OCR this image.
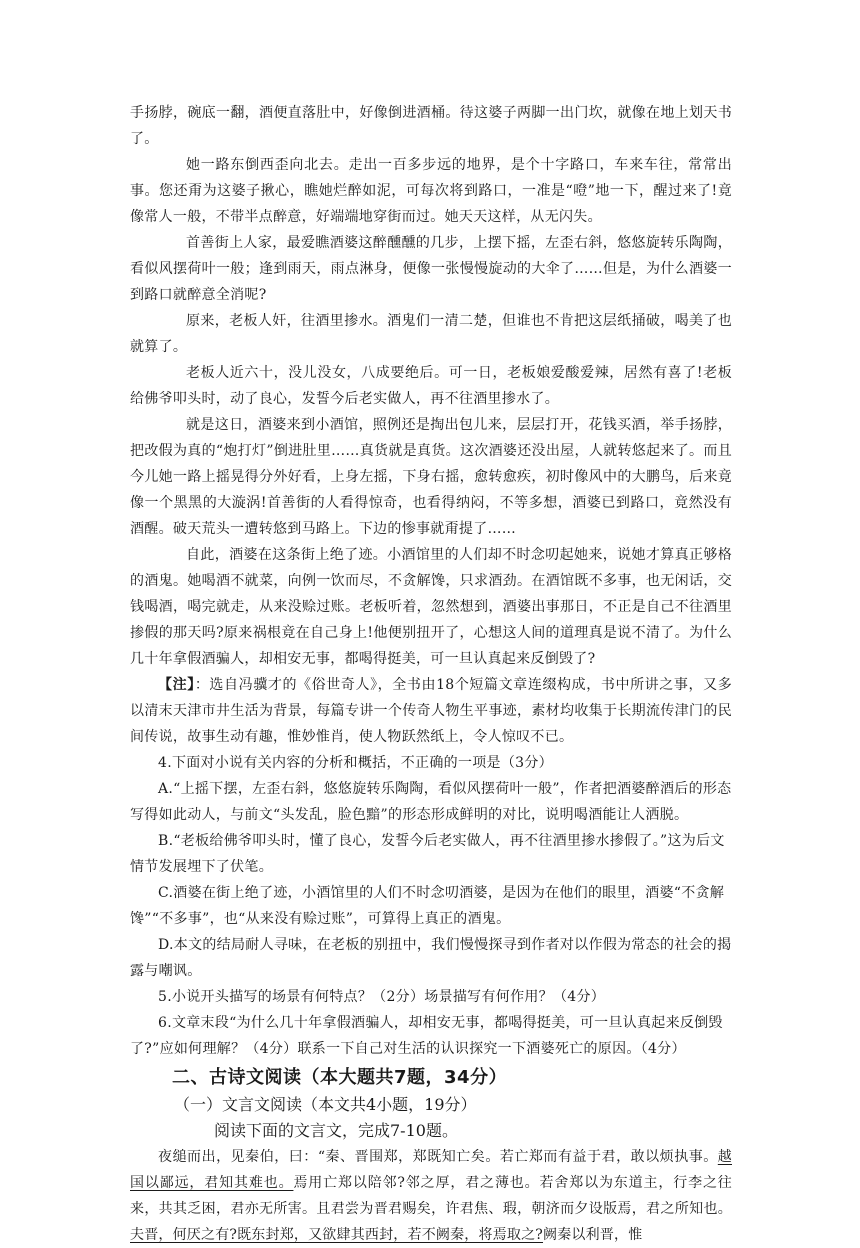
手扬脖，碗底一翻，酒便直落肚中，好像倒进酒桶。待这婆子两脚一出门坎，就像在地上划天书了。

她一路东倒西歪向北去。走出一百多步远的地界，是个十字路口，车来车往，常常出事。您还甭为这婆子揪心，瞧她烂醉如泥，可每次将到路口，一准是“噔”地一下，醒过来了!竟像常人一般，不带半点醉意，好端端地穿街而过。她天天这样，从无闪失。

首善街上人家，最爱瞧酒婆这醉醺醺的几步，上摆下摇，左歪右斜，悠悠旋转乐陶陶，看似风摆荷叶一般；逢到雨天，雨点淋身，便像一张慢慢旋动的大伞了……但是，为什么酒婆一到路口就醉意全消呢?

原来，老板人奸，往酒里掺水。酒鬼们一清二楚，但谁也不肯把这层纸捅破，喝美了也就算了。

老板人近六十，没儿没女，八成要绝后。可一日，老板娘爱酸爱辣，居然有喜了!老板给佛爷叩头时，动了良心，发誓今后老实做人，再不往酒里掺水了。

就是这日，酒婆来到小酒馆，照例还是掏出包儿来，层层打开，花钱买酒，举手扬脖，把改假为真的“炮打灯”倒进肚里……真货就是真货。这次酒婆还没出屋，人就转悠起来了。而且今儿她一路上摇晃得分外好看，上身左摇，下身右摇，愈转愈疾，初时像风中的大鹏鸟，后来竟像一个黑黑的大漩涡!首善街的人看得惊奇，也看得纳闷，不等多想，酒婆已到路口，竟然没有酒醒。破天荒头一遭转悠到马路上。下边的惨事就甭提了……

自此，酒婆在这条街上绝了迹。小酒馆里的人们却不时念叨起她来，说她才算真正够格的酒鬼。她喝酒不就菜，向例一饮而尽，不贪解馋，只求酒劲。在酒馆既不多事，也无闲话，交钱喝酒，喝完就走，从来没赊过账。老板听着，忽然想到，酒婆出事那日，不正是自己不往酒里掺假的那天吗?原来祸根竟在自己身上!他便别扭开了，心想这人间的道理真是说不清了。为什么几十年拿假酒骗人，却相安无事，都喝得挺美，可一旦认真起来反倒毁了?

【注】：选自冯骥才的《俗世奇人》，全书由18个短篇文章连缀构成，书中所讲之事，又多以清末天津市井生活为背景，每篇专讲一个传奇人物生平事迹，素材均收集于长期流传津门的民间传说，故事生动有趣，惟妙惟肖，使人物跃然纸上，令人惊叹不已。

4.下面对小说有关内容的分析和概括，不正确的一项是（3分）

A.“上摇下摆，左歪右斜，悠悠旋转乐陶陶，看似风摆荷叶一般”，作者把酒婆醉酒后的形态写得如此动人，与前文“头发乱，脸色黯”的形态形成鲜明的对比，说明喝酒能让人洒脱。

B.“老板给佛爷叩头时，懂了良心，发誓今后老实做人，再不往酒里掺水掺假了。”这为后文情节发展埋下了伏笔。

C.酒婆在街上绝了迹，小酒馆里的人们不时念叨酒婆，是因为在他们的眼里，酒婆“不贪解馋”“不多事”，也“从来没有赊过账”，可算得上真正的酒鬼。

D.本文的结局耐人寻味，在老板的别扭中，我们慢慢探寻到作者对以作假为常态的社会的揭露与嘲讽。

5.小说开头描写的场景有何特点？（2分）场景描写有何作用？（4分）

6.文章末段“为什么几十年拿假酒骗人，却相安无事，都喝得挺美，可一旦认真起来反倒毁了?”应如何理解？（4分）联系一下自己对生活的认识探究一下酒婆死亡的原因。（4分）

二、古诗文阅读（本大题共7题，34分）

（一）文言文阅读（本文共4小题，19分）

阅读下面的文言文，完成7-10题。

夜缒而出，见秦伯，曰：“秦、晋围郑，郑既知亡矣。若亡郑而有益于君，敢以烦执事。越国以鄙远，君知其难也。焉用亡郑以陪邻?邻之厚，君之薄也。若舍郑以为东道主，行李之往来，共其乏困，君亦无所害。且君尝为晋君赐矣，许君焦、瑕，朝济而夕设版焉，君之所知也。夫晋，何厌之有?既东封郑，又欲肆其西封，若不阙秦，将焉取之?阙秦以利晋，惟
